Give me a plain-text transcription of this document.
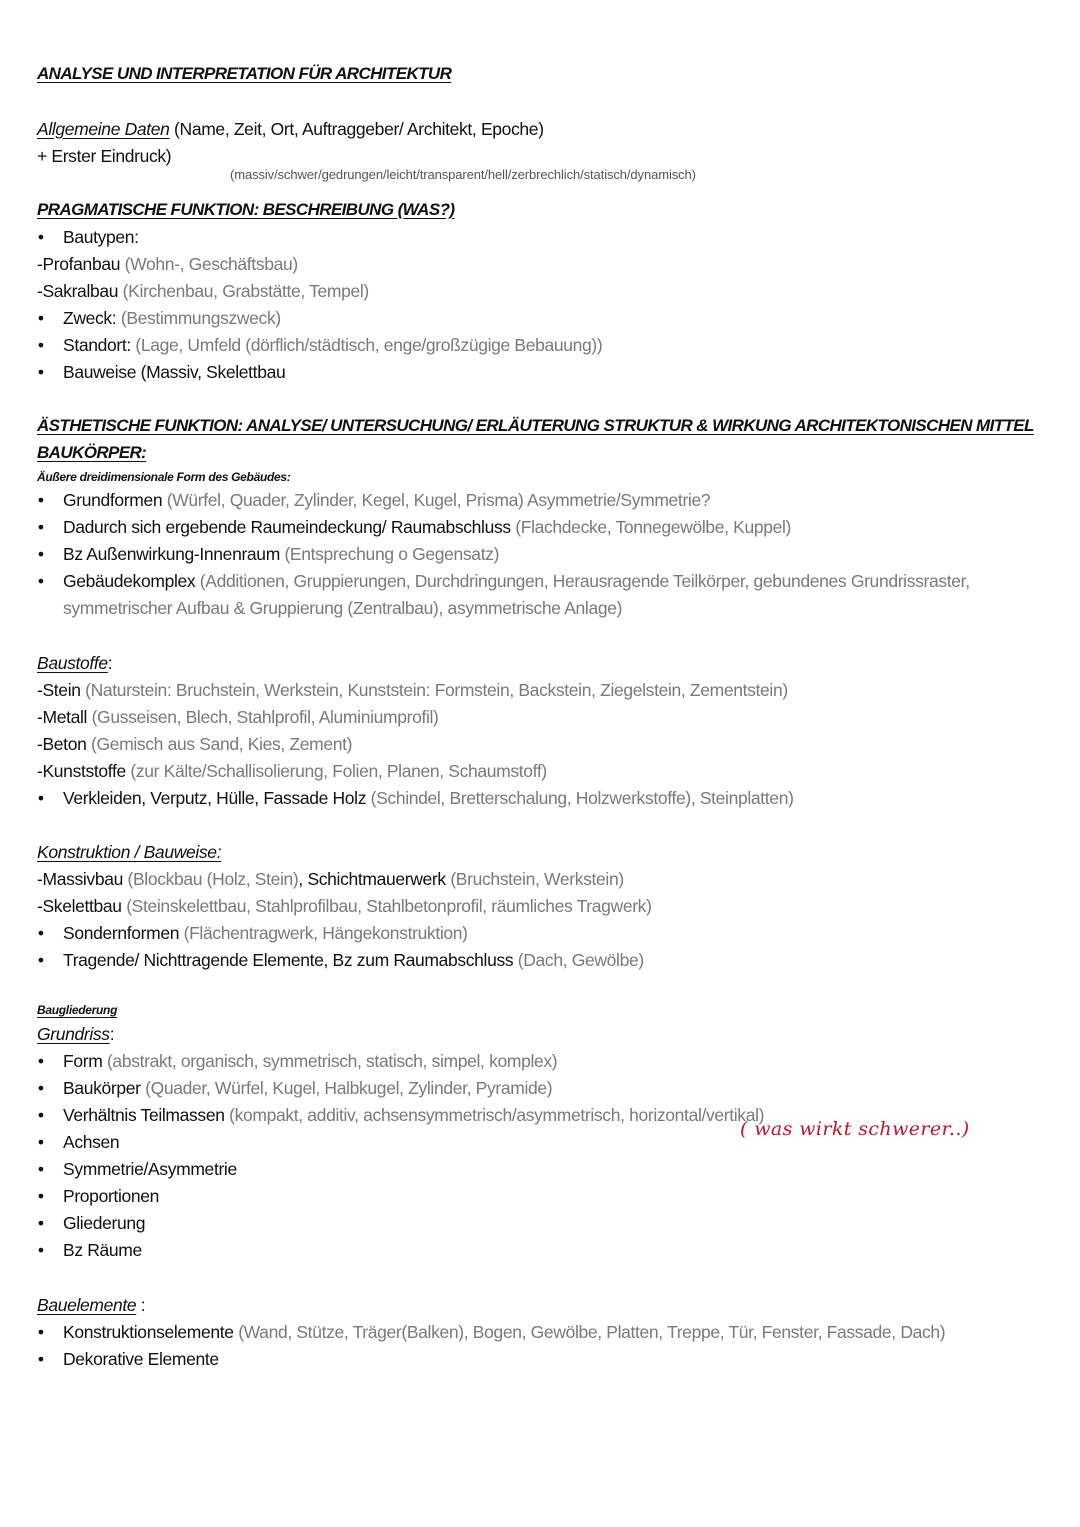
ANALYSE UND INTERPRETATION FÜR ARCHITEKTUR
Allgemeine Daten (Name, Zeit, Ort, Auftraggeber/ Architekt, Epoche)
+ Erster Eindruck)
(massiv/schwer/gedrungen/leicht/transparent/hell/zerbrechlich/statisch/dynamisch)
PRAGMATISCHE FUNKTION: BESCHREIBUNG (WAS?)
• Bautypen:
-Profanbau (Wohn-, Geschäftsbau)
-Sakralbau (Kirchenbau, Grabstätte, Tempel)
• Zweck: (Bestimmungszweck)
• Standort: (Lage, Umfeld (dörflich/städtisch, enge/großzügige Bebauung))
• Bauweise (Massiv, Skelettbau
ÄSTHETISCHE FUNKTION: ANALYSE/ UNTERSUCHUNG/ ERLÄUTERUNG STRUKTUR & WIRKUNG ARCHITEKTONISCHEN MITTEL
BAUKÖRPER:
Äußere dreidimensionale Form des Gebäudes:
• Grundformen (Würfel, Quader, Zylinder, Kegel, Kugel, Prisma) Asymmetrie/Symmetrie?
• Dadurch sich ergebende Raumeindeckung/ Raumabschluss (Flachdecke, Tonnegewölbe, Kuppel)
• Bz Außenwirkung-Innenraum (Entsprechung o Gegensatz)
• Gebäudekomplex (Additionen, Gruppierungen, Durchdringungen, Herausragende Teilkörper, gebundenes Grundrissraster,
symmetrischer Aufbau & Gruppierung (Zentralbau), asymmetrische Anlage)
Baustoffe:
-Stein (Naturstein: Bruchstein, Werkstein, Kunststein: Formstein, Backstein, Ziegelstein, Zementstein)
-Metall (Gusseisen, Blech, Stahlprofil, Aluminiumprofil)
-Beton (Gemisch aus Sand, Kies, Zement)
-Kunststoffe (zur Kälte/Schallisolierung, Folien, Planen, Schaumstoff)
• Verkleiden, Verputz, Hülle, Fassade Holz (Schindel, Bretterschalung, Holzwerkstoffe), Steinplatten)
Konstruktion / Bauweise:
-Massivbau (Blockbau (Holz, Stein), Schichtmauerwerk (Bruchstein, Werkstein)
-Skelettbau (Steinskelettbau, Stahlprofilbau, Stahlbetonprofil, räumliches Tragwerk)
• Sondernformen (Flächentragwerk, Hängekonstruktion)
• Tragende/ Nichttragende Elemente, Bz zum Raumabschluss (Dach, Gewölbe)
Baugliederung
Grundriss:
• Form (abstrakt, organisch, symmetrisch, statisch, simpel, komplex)
• Baukörper (Quader, Würfel, Kugel, Halbkugel, Zylinder, Pyramide)
• Verhältnis Teilmassen (kompakt, additiv, achsensymmetrisch/asymmetrisch, horizontal/vertikal)
( was wirkt schwerer..)
• Achsen
• Symmetrie/Asymmetrie
• Proportionen
• Gliederung
• Bz Räume
Bauelemente :
• Konstruktionselemente (Wand, Stütze, Träger(Balken), Bogen, Gewölbe, Platten, Treppe, Tür, Fenster, Fassade, Dach)
• Dekorative Elemente
